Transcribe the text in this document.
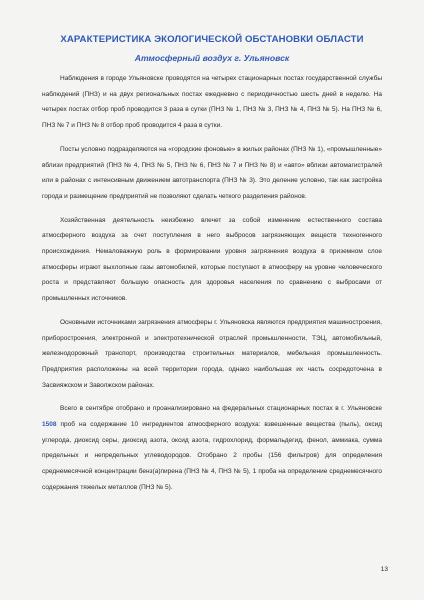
ХАРАКТЕРИСТИКА ЭКОЛОГИЧЕСКОЙ ОБСТАНОВКИ ОБЛАСТИ
Атмосферный воздух г. Ульяновск

Наблюдения в городе Ульяновске проводятся на четырех стационарных постах государственной службы наблюдений (ПНЗ) и на двух региональных постах ежедневно с периодичностью шесть дней в неделю. На четырех постах отбор проб проводится 3 раза в сутки (ПНЗ № 1, ПНЗ № 3, ПНЗ № 4, ПНЗ № 5). На ПНЗ № 6, ПНЗ № 7 и ПНЗ № 8 отбор проб проводится 4 раза в сутки.

Посты условно подразделяются на «городские фоновые» в жилых районах (ПНЗ № 1), «промышленные» вблизи предприятий (ПНЗ № 4, ПНЗ № 5, ПНЗ № 6, ПНЗ № 7 и ПНЗ № 8) и «авто» вблизи автомагистралей или в районах с интенсивным движением автотранспорта (ПНЗ № 3). Это деление условно, так как застройка города и размещение предприятий не позволяют сделать четкого разделения районов.

Хозяйственная деятельность неизбежно влечет за собой изменение естественного состава атмосферного воздуха за счет поступления в него выбросов загрязняющих веществ техногенного происхождения. Немаловажную роль в формировании уровня загрязнения воздуха в приземном слое атмосферы играют выхлопные газы автомобилей, которые поступают в атмосферу на уровне человеческого роста и представляют большую опасность для здоровья населения по сравнению с выбросами от промышленных источников.

Основными источниками загрязнения атмосферы г. Ульяновска являются предприятия машиностроения, приборостроения, электронной и электротехнической отраслей промышленности, ТЭЦ, автомобильный, железнодорожный транспорт, производства строительных материалов, мебельная промышленность. Предприятия расположены на всей территории города, однако наибольшая их часть сосредоточена в Засвияжском и Заволжском районах.

Всего в сентябре отобрано и проанализировано на федеральных стационарных постах в г. Ульяновске 1508 проб на содержание 10 ингредиентов атмосферного воздуха: взвешенные вещества (пыль), оксид углерода, диоксид серы, диоксид азота, оксид азота, гидрохлорид, формальдегид, фенол, аммиака, сумма предельных и непредельных углеводородов. Отобрано 2 пробы (156 фильтров) для определения среднемесячной концентрации бенз(а)пирена (ПНЗ № 4, ПНЗ № 5), 1 проба на определение среднемесячного содержания тяжелых металлов (ПНЗ № 5).

13
